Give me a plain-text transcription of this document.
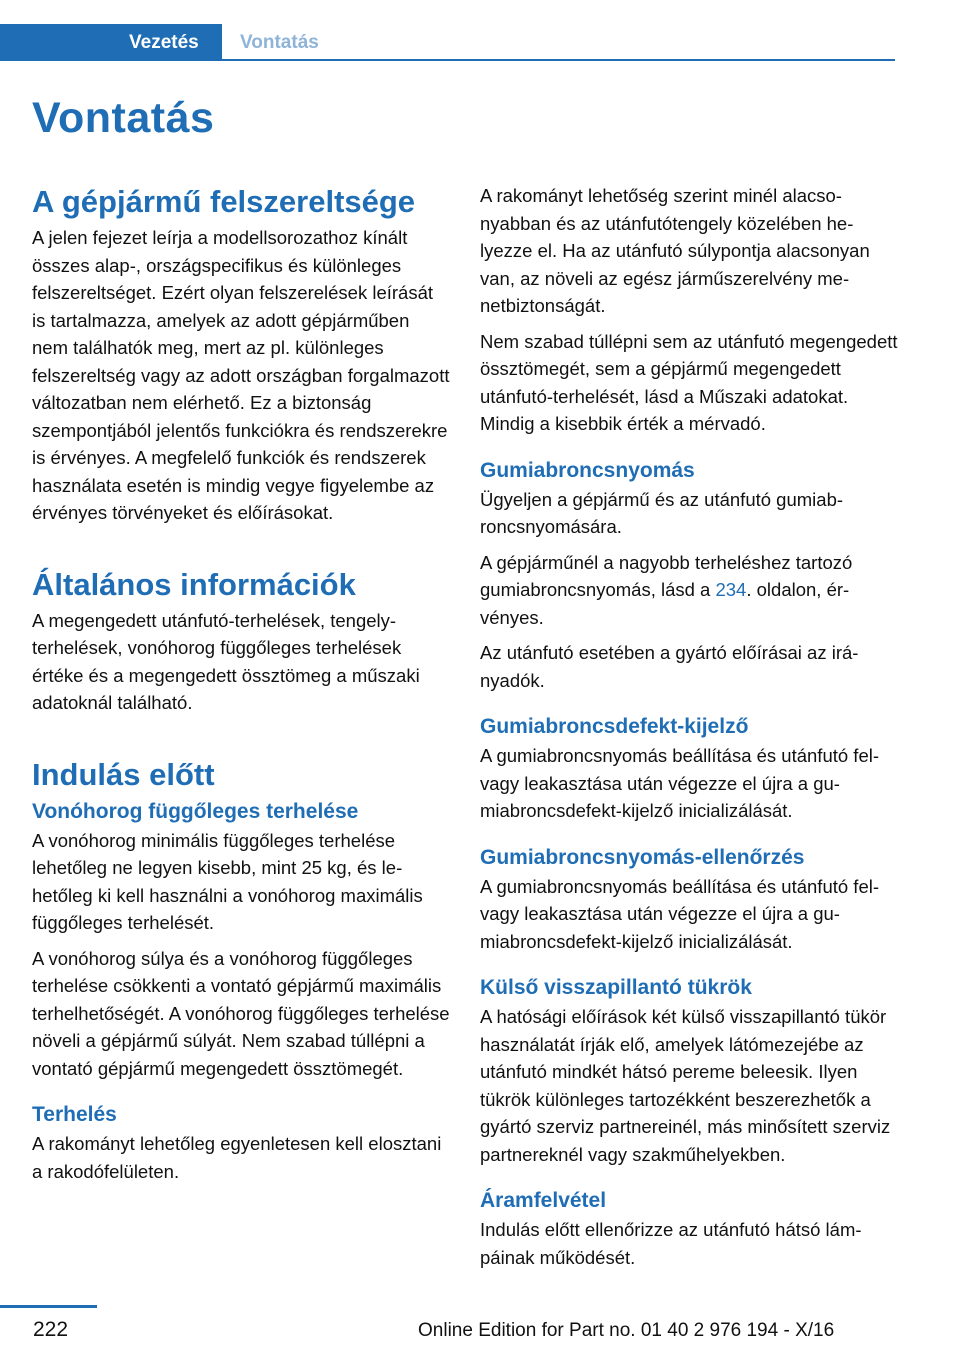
Vezetés	Vontatás
Vontatás
A gépjármű felszereltsége

A jelen fejezet leírja a modellsorozathoz kínált összes alap-, országspecifikus és különleges felszereltséget. Ezért olyan felszerelések leírását is tartalmazza, amelyek az adott gépjárműben nem találhatók meg, mert az pl. különleges felszereltség vagy az adott országban forgalmazott változatban nem elérhető. Ez a biztonság szempontjából jelentős funkciókra és rendszerekre is érvényes. A megfelelő funkciók és rendszerek használata esetén is mindig vegye figyelembe az érvényes törvényeket és előírásokat.

Általános információk

A megengedett utánfutó-terhelések, tengelyterhelések, vonóhorog függőleges terhelések értéke és a megengedett össztömeg a műszaki adatoknál található.

Indulás előtt
Vonóhorog függőleges terhelése

A vonóhorog minimális függőleges terhelése lehetőleg ne legyen kisebb, mint 25 kg, és lehetőleg ki kell használni a vonóhorog maximális függőleges terhelését.

A vonóhorog súlya és a vonóhorog függőleges terhelése csökkenti a vontató gépjármű maximális terhelhetőségét. A vonóhorog függőleges terhelése növeli a gépjármű súlyát. Nem szabad túllépni a vontató gépjármű megengedett össztömegét.

Terhelés

A rakományt lehetőleg egyenletesen kell elosztani a rakodófelületen.

A rakományt lehetőség szerint minél alacsonyabban és az utánfutótengely közelében helyezze el. Ha az utánfutó súlypontja alacsonyan van, az növeli az egész járműszerelvény menetbiztonságát.

Nem szabad túllépni sem az utánfutó megengedett össztömegét, sem a gépjármű megengedett utánfutó-terhelését, lásd a Műszaki adatokat. Mindig a kisebbik érték a mérvadó.

Gumiabroncsnyomás

Ügyeljen a gépjármű és az utánfutó gumiabroncsnyomására.

A gépjárműnél a nagyobb terheléshez tartozó gumiabroncsnyomás, lásd a 234. oldalon, érvényes.

Az utánfutó esetében a gyártó előírásai az irányadók.

Gumiabroncsdefekt-kijelző

A gumiabroncsnyomás beállítása és utánfutó fel- vagy leakasztása után végezze el újra a gumiabroncsdefekt-kijelző inicializálását.

Gumiabroncsnyomás-ellenőrzés

A gumiabroncsnyomás beállítása és utánfutó fel- vagy leakasztása után végezze el újra a gumiabroncsdefekt-kijelző inicializálását.

Külső visszapillantó tükrök

A hatósági előírások két külső visszapillantó tükör használatát írják elő, amelyek látómezejébe az utánfutó mindkét hátsó pereme beleesik. Ilyen tükrök különleges tartozékként beszerezhetők a gyártó szerviz partnereinél, más minősített szerviz partnereknél vagy szakműhelyekben.

Áramfelvétel

Indulás előtt ellenőrizze az utánfutó hátsó lámpáinak működését.

222	Online Edition for Part no. 01 40 2 976 194 - X/16
